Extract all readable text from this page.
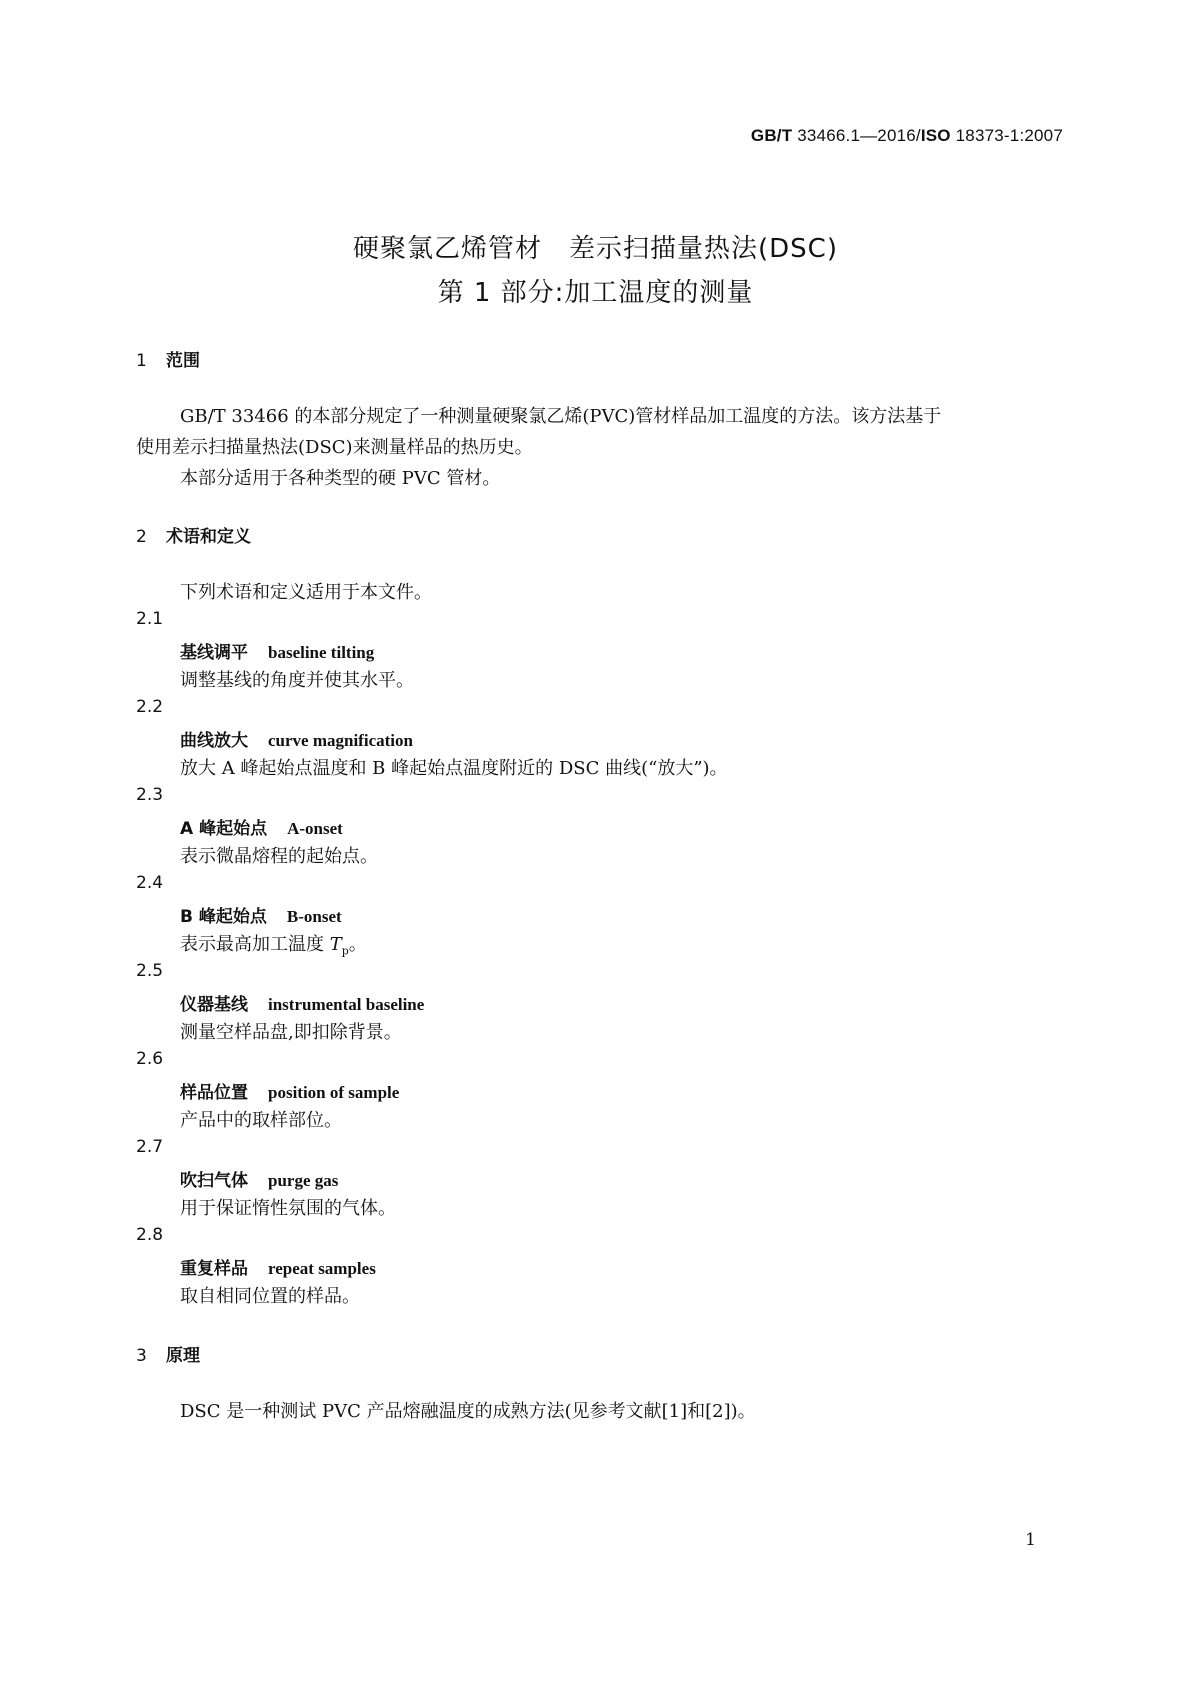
GB/T 33466.1—2016/ISO 18373-1:2007
硬聚氯乙烯管材　差示扫描量热法(DSC)
第 1 部分:加工温度的测量
1 范围
GB/T 33466 的本部分规定了一种测量硬聚氯乙烯(PVC)管材样品加工温度的方法。该方法基于
使用差示扫描量热法(DSC)来测量样品的热历史。
本部分适用于各种类型的硬 PVC 管材。
2 术语和定义
下列术语和定义适用于本文件。
2.1
基线调平 baseline tilting
调整基线的角度并使其水平。
2.2
曲线放大 curve magnification
放大 A 峰起始点温度和 B 峰起始点温度附近的 DSC 曲线(“放大”)。
2.3
A 峰起始点 A-onset
表示微晶熔程的起始点。
2.4
B 峰起始点 B-onset
表示最高加工温度 $T_p$。
2.5
仪器基线 instrumental baseline
测量空样品盘,即扣除背景。
2.6
样品位置 position of sample
产品中的取样部位。
2.7
吹扫气体 purge gas
用于保证惰性氛围的气体。
2.8
重复样品 repeat samples
取自相同位置的样品。
3 原理
DSC 是一种测试 PVC 产品熔融温度的成熟方法(见参考文献[1]和[2])。
1
